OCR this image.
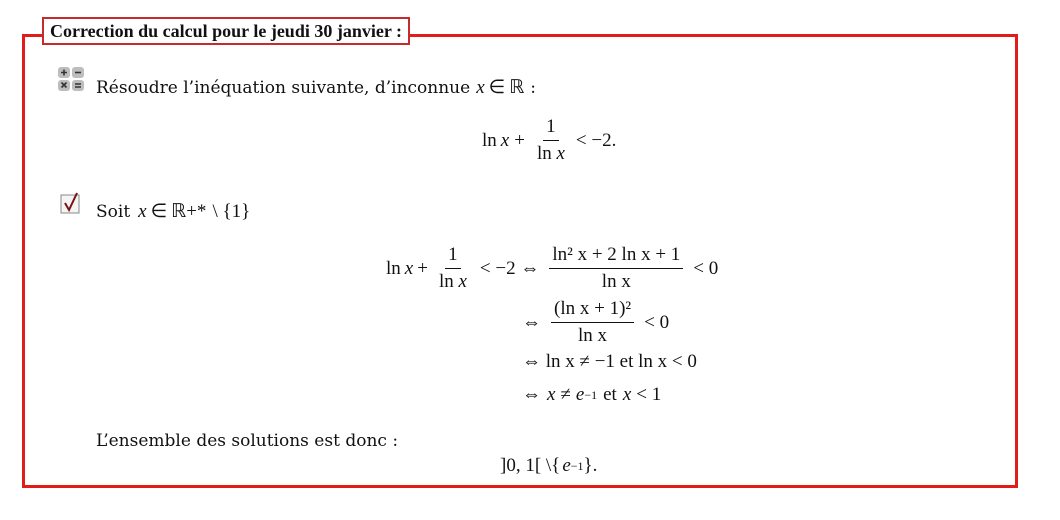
Correction du calcul pour le jeudi 30 janvier :
Résoudre l’inéquation suivante, d’inconnue x ∈ ℝ :
$\ln x + \frac{1}{\text{ln x}} < -2$.
Soit x ∈ ℝ +* \ {1}
$\ln x + \frac{1}{\text{ln x}} < -2$ ⇔ $\frac{\text{ln² x + 2 ln x + 1}}{\text{ln x}} < 0$
⇔ $\frac{\text{(ln x + 1)²}}{\text{ln x}} < 0$
⇔ ln x ≠ −1 et ln x < 0
⇔ x ≠ e −1 et x < 1
L’ensemble des solutions est donc :
]0, 1[ \{ e −1 }.
